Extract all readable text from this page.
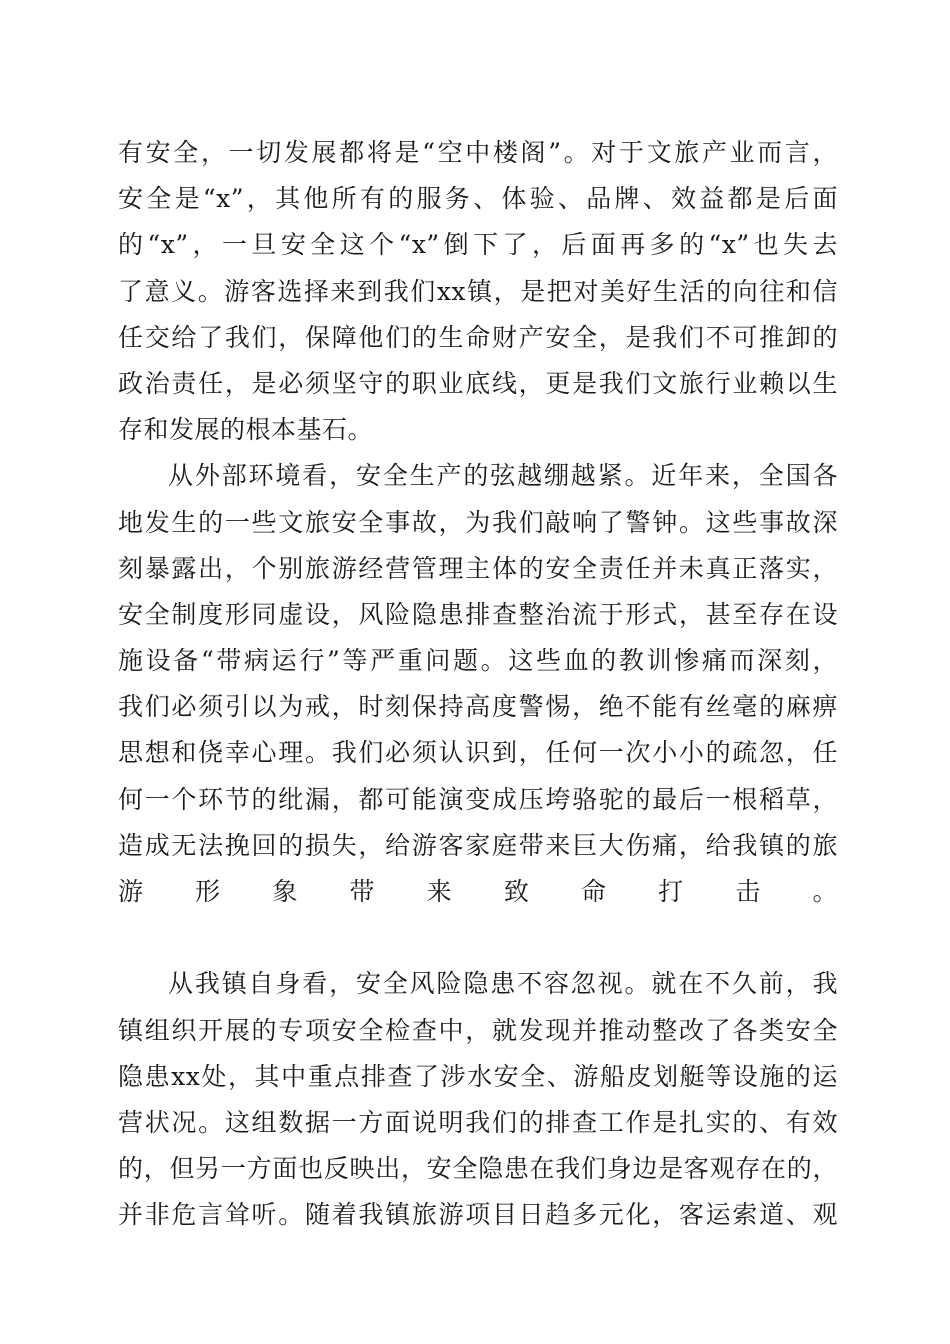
有安全，一切发展都将是“空中楼阁”。对于文旅产业而言，
安全是“x”，其他所有的服务、体验、品牌、效益都是后面
的“x”，一旦安全这个“x”倒下了，后面再多的“x”也失去
了意义。游客选择来到我们xx镇，是把对美好生活的向往和信
任交给了我们，保障他们的生命财产安全，是我们不可推卸的
政治责任，是必须坚守的职业底线，更是我们文旅行业赖以生
存和发展的根本基石。
从外部环境看，安全生产的弦越绷越紧。近年来，全国各
地发生的一些文旅安全事故，为我们敲响了警钟。这些事故深
刻暴露出，个别旅游经营管理主体的安全责任并未真正落实，
安全制度形同虚设，风险隐患排查整治流于形式，甚至存在设
施设备“带病运行”等严重问题。这些血的教训惨痛而深刻，
我们必须引以为戒，时刻保持高度警惕，绝不能有丝毫的麻痹
思想和侥幸心理。我们必须认识到，任何一次小小的疏忽，任
何一个环节的纰漏，都可能演变成压垮骆驼的最后一根稻草，
造成无法挽回的损失，给游客家庭带来巨大伤痛，给我镇的旅
游形象带来致命打击。
从我镇自身看，安全风险隐患不容忽视。就在不久前，我
镇组织开展的专项安全检查中，就发现并推动整改了各类安全
隐患xx处，其中重点排查了涉水安全、游船皮划艇等设施的运
营状况。这组数据一方面说明我们的排查工作是扎实的、有效
的，但另一方面也反映出，安全隐患在我们身边是客观存在的，
并非危言耸听。随着我镇旅游项目日趋多元化，客运索道、观
